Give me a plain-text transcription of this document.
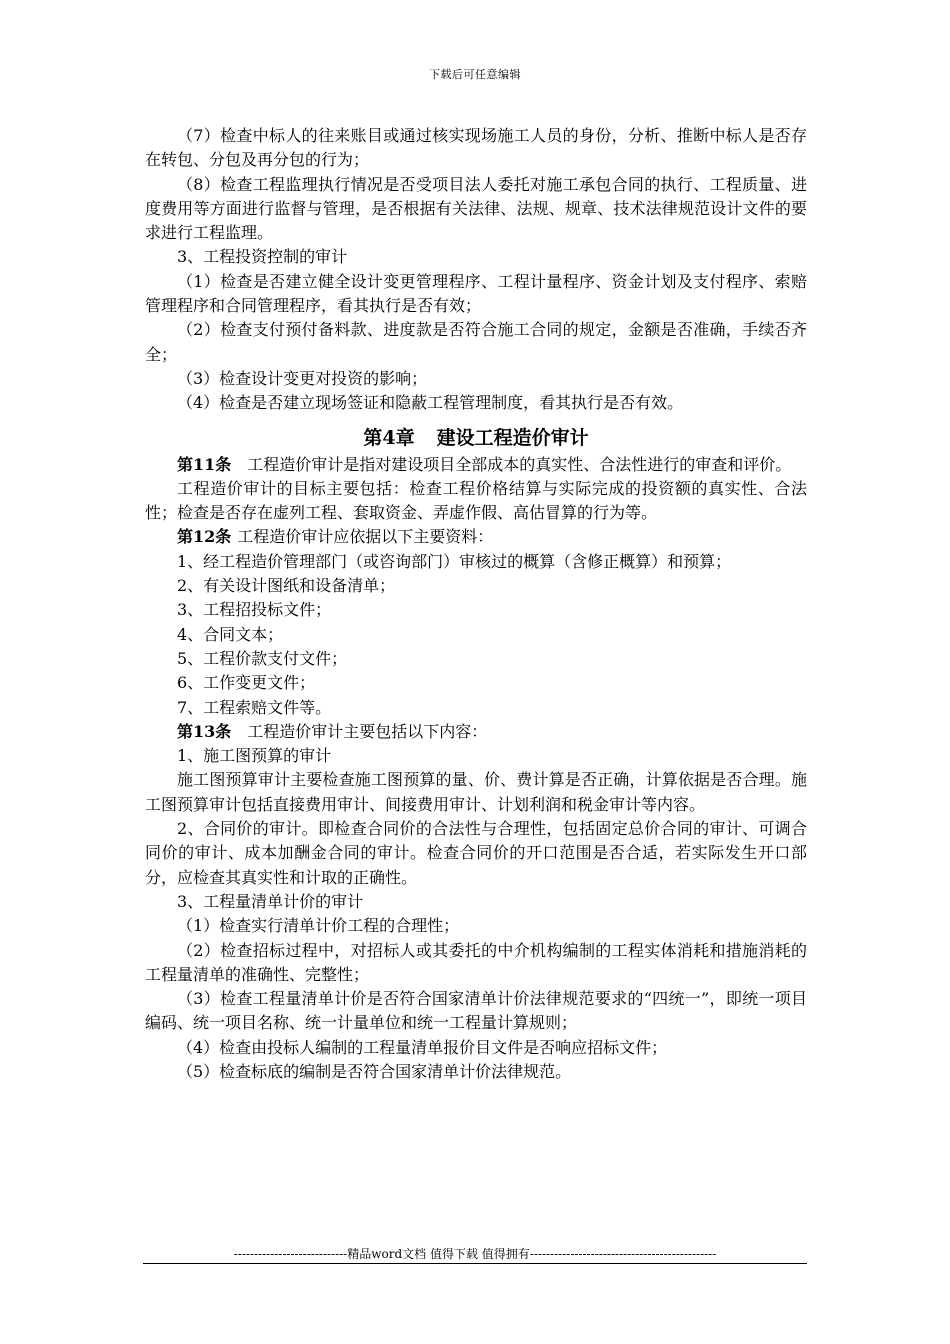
下载后可任意编辑

（7）检查中标人的往来账目或通过核实现场施工人员的身份，分析、推断中标人是否存在转包、分包及再分包的行为；

（8）检查工程监理执行情况是否受项目法人委托对施工承包合同的执行、工程质量、进度费用等方面进行监督与管理，是否根据有关法律、法规、规章、技术法律规范设计文件的要求进行工程监理。

3、工程投资控制的审计

（1）检查是否建立健全设计变更管理程序、工程计量程序、资金计划及支付程序、索赔管理程序和合同管理程序，看其执行是否有效；

（2）检查支付预付备料款、进度款是否符合施工合同的规定，金额是否准确，手续否齐全；

（3）检查设计变更对投资的影响；

（4）检查是否建立现场签证和隐蔽工程管理制度，看其执行是否有效。

第4章 建设工程造价审计

第11条 工程造价审计是指对建设项目全部成本的真实性、合法性进行的审查和评价。

工程造价审计的目标主要包括：检查工程价格结算与实际完成的投资额的真实性、合法性；检查是否存在虚列工程、套取资金、弄虚作假、高估冒算的行为等。

第12条 工程造价审计应依据以下主要资料：

1、经工程造价管理部门（或咨询部门）审核过的概算（含修正概算）和预算；

2、有关设计图纸和设备清单；

3、工程招投标文件；

4、合同文本；

5、工程价款支付文件；

6、工作变更文件；

7、工程索赔文件等。

第13条 工程造价审计主要包括以下内容：

1、施工图预算的审计

施工图预算审计主要检查施工图预算的量、价、费计算是否正确，计算依据是否合理。施工图预算审计包括直接费用审计、间接费用审计、计划利润和税金审计等内容。

2、合同价的审计。即检查合同价的合法性与合理性，包括固定总价合同的审计、可调合同价的审计、成本加酬金合同的审计。检查合同价的开口范围是否合适，若实际发生开口部分，应检查其真实性和计取的正确性。

3、工程量清单计价的审计

（1）检查实行清单计价工程的合理性；

（2）检查招标过程中，对招标人或其委托的中介机构编制的工程实体消耗和措施消耗的工程量清单的准确性、完整性；

（3）检查工程量清单计价是否符合国家清单计价法律规范要求的“四统一”，即统一项目编码、统一项目名称、统一计量单位和统一工程量计算规则；

（4）检查由投标人编制的工程量清单报价目文件是否响应招标文件；

（5）检查标底的编制是否符合国家清单计价法律规范。

----------------------------精品word文档 值得下载 值得拥有----------------------------------------------
